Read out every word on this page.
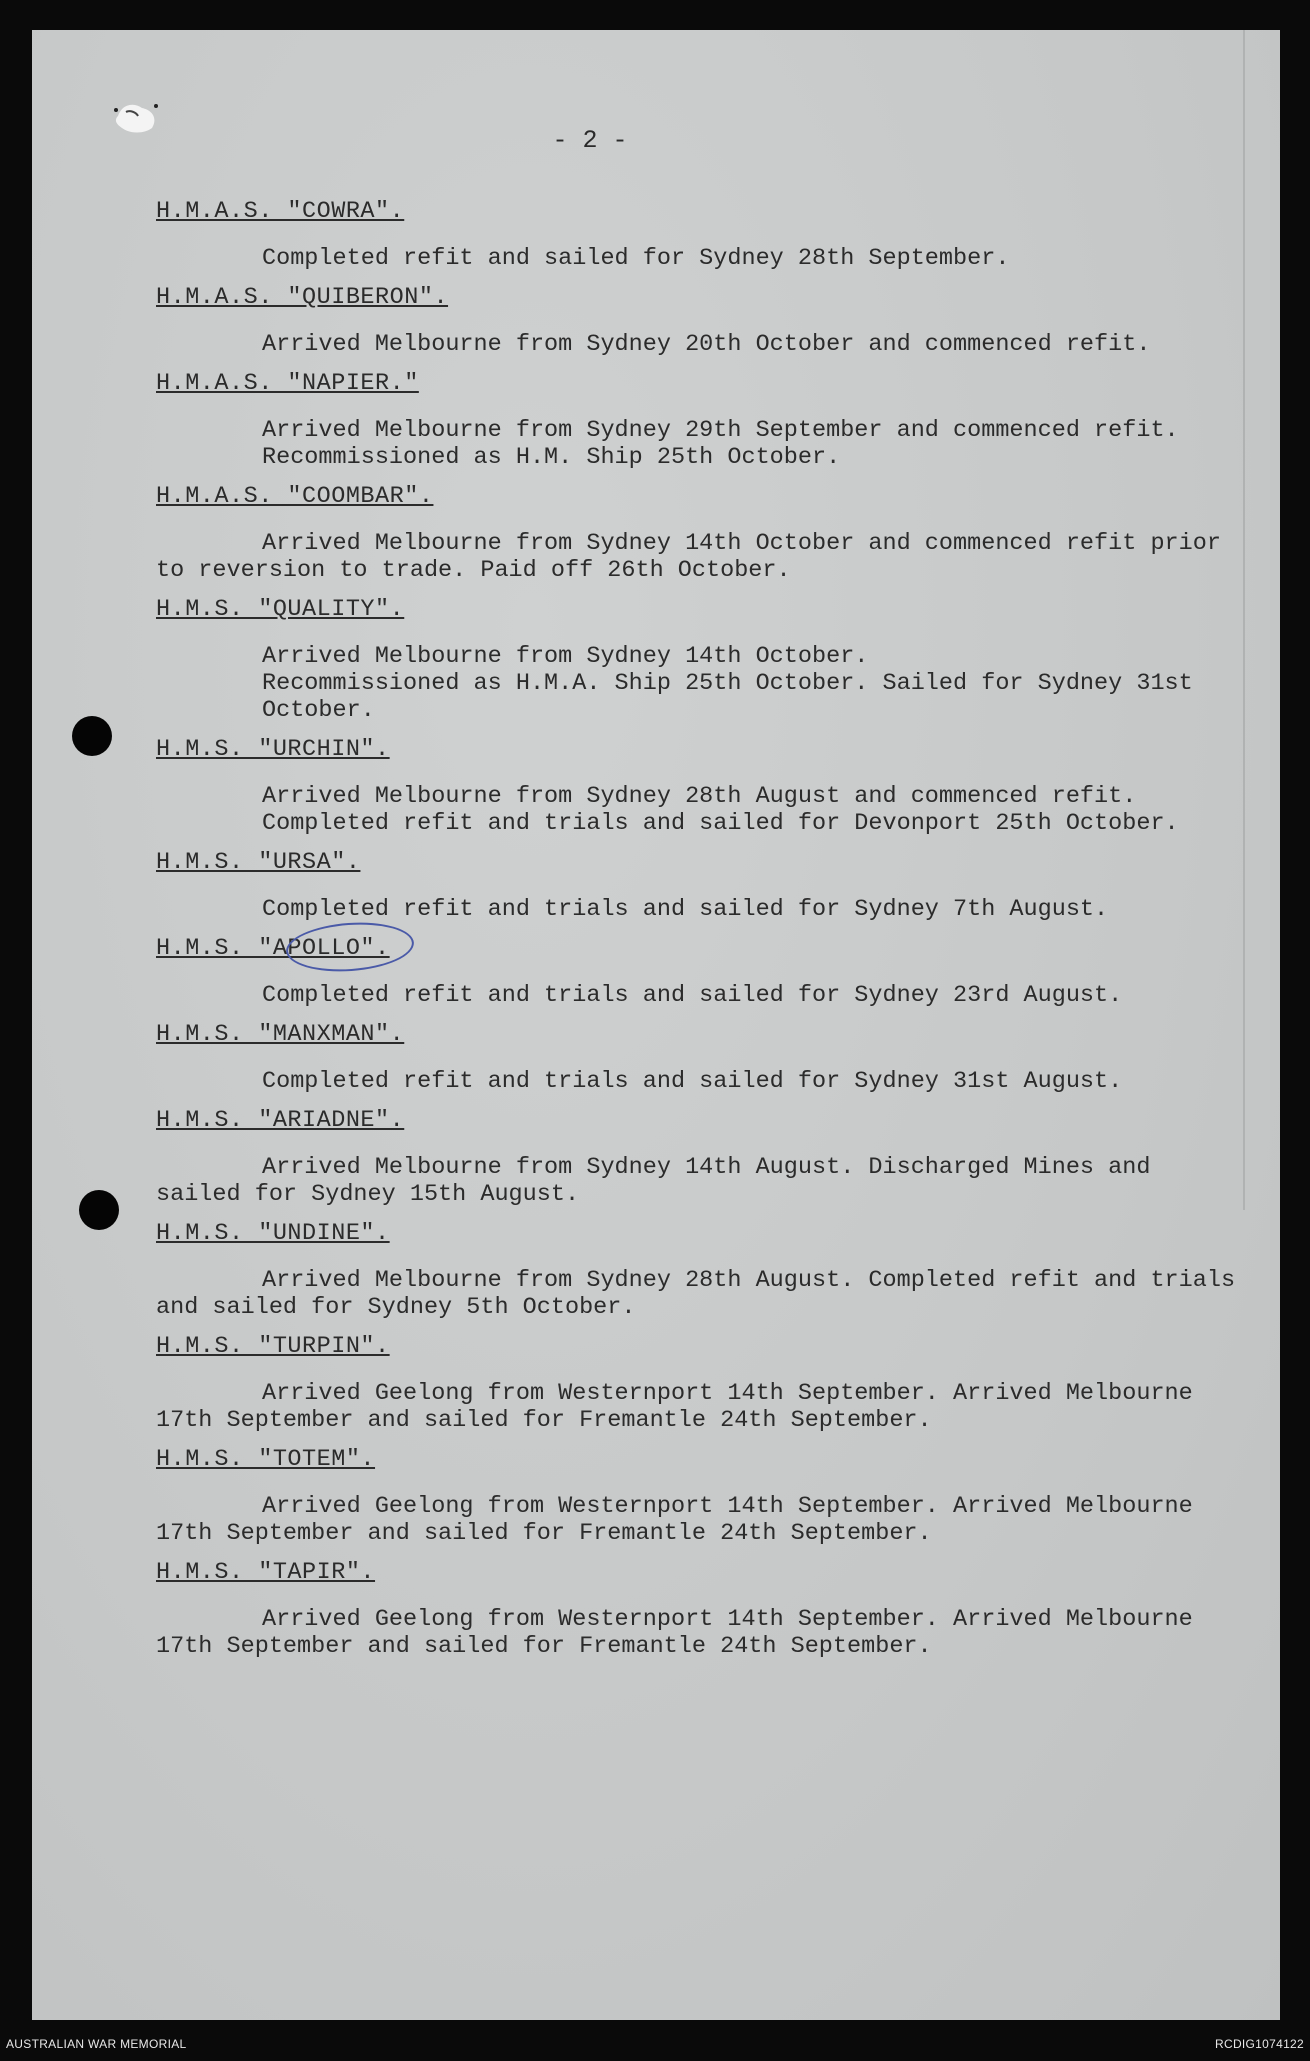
- 2 -
H.M.A.S. "COWRA".

Completed refit and sailed for Sydney 28th September.

H.M.A.S. "QUIBERON".

Arrived Melbourne from Sydney 20th October and commenced refit.

H.M.A.S. "NAPIER."

Arrived Melbourne from Sydney 29th September and commenced refit.

Recommissioned as H.M. Ship 25th October.

H.M.A.S. "COOMBAR".

Arrived Melbourne from Sydney 14th October and commenced refit prior to reversion to trade. Paid off 26th October.

H.M.S. "QUALITY".

Arrived Melbourne from Sydney 14th October.

Recommissioned as H.M.A. Ship 25th October. Sailed for Sydney 31st October.

H.M.S. "URCHIN".

Arrived Melbourne from Sydney 28th August and commenced refit.

Completed refit and trials and sailed for Devonport 25th October.

H.M.S. "URSA".

Completed refit and trials and sailed for Sydney 7th August.

H.M.S. "APOLLO".

Completed refit and trials and sailed for Sydney 23rd August.

H.M.S. "MANXMAN".

Completed refit and trials and sailed for Sydney 31st August.

H.M.S. "ARIADNE".

Arrived Melbourne from Sydney 14th August. Discharged Mines and sailed for Sydney 15th August.

H.M.S. "UNDINE".

Arrived Melbourne from Sydney 28th August. Completed refit and trials and sailed for Sydney 5th October.

H.M.S. "TURPIN".

Arrived Geelong from Westernport 14th September. Arrived Melbourne 17th September and sailed for Fremantle 24th September.

H.M.S. "TOTEM".

Arrived Geelong from Westernport 14th September. Arrived Melbourne 17th September and sailed for Fremantle 24th September.

H.M.S. "TAPIR".

Arrived Geelong from Westernport 14th September. Arrived Melbourne 17th September and sailed for Fremantle 24th September.

AUSTRALIAN WAR MEMORIAL	RCDIG1074122
